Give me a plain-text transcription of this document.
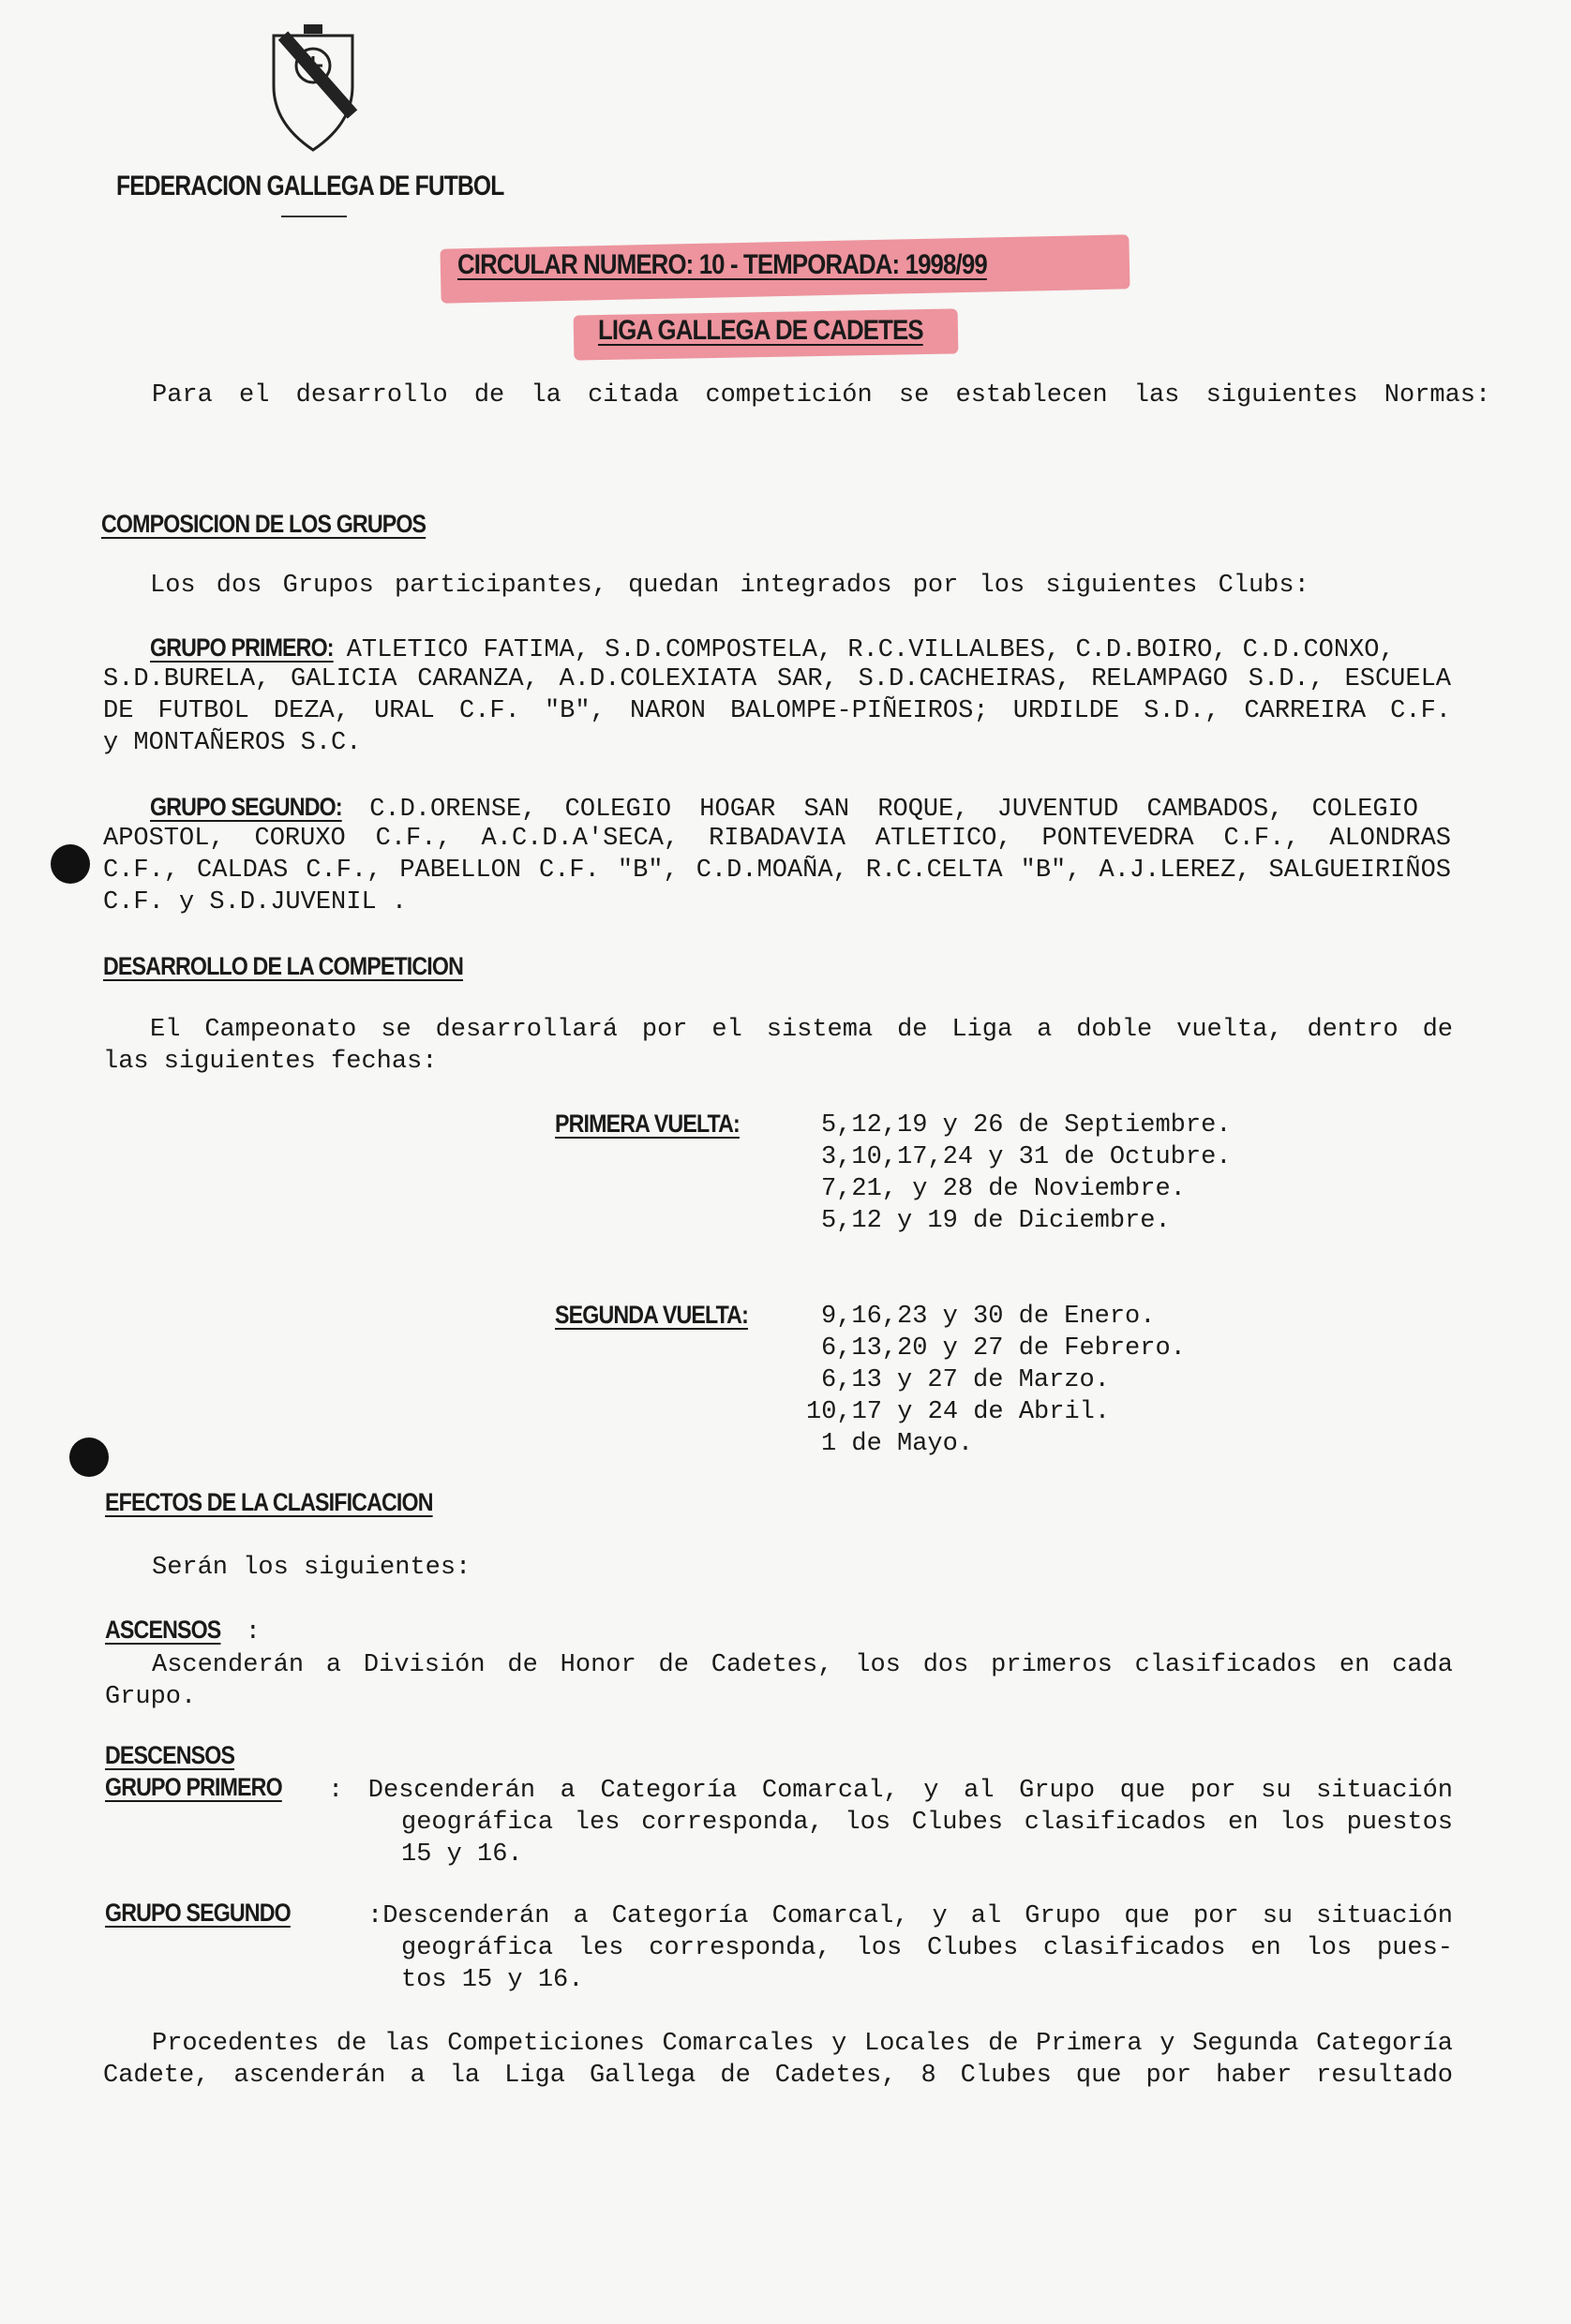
FEDERACION GALLEGA DE FUTBOL
CIRCULAR NUMERO: 10 - TEMPORADA: 1998/99
LIGA GALLEGA DE CADETES
Para el desarrollo de la citada competición se establecen las siguientes Normas:
COMPOSICION DE LOS GRUPOS
Los dos Grupos participantes, quedan integrados por los siguientes Clubs:
GRUPO PRIMERO: ATLETICO FATIMA, S.D.COMPOSTELA, R.C.VILLALBES, C.D.BOIRO, C.D.CONXO,
S.D.BURELA, GALICIA CARANZA, A.D.COLEXIATA SAR, S.D.CACHEIRAS, RELAMPAGO S.D., ESCUELA
DE FUTBOL DEZA, URAL C.F. "B", NARON BALOMPE-PIÑEIROS; URDILDE S.D., CARREIRA C.F.
y MONTAÑEROS S.C.
GRUPO SEGUNDO: C.D.ORENSE, COLEGIO HOGAR SAN ROQUE, JUVENTUD CAMBADOS, COLEGIO
APOSTOL, CORUXO C.F., A.C.D.A'SECA, RIBADAVIA ATLETICO, PONTEVEDRA C.F., ALONDRAS
C.F., CALDAS C.F., PABELLON C.F. "B", C.D.MOAÑA, R.C.CELTA "B", A.J.LEREZ, SALGUEIRIÑOS
C.F. y S.D.JUVENIL .
DESARROLLO DE LA COMPETICION
El Campeonato se desarrollará por el sistema de Liga a doble vuelta, dentro de
las siguientes fechas:
PRIMERA VUELTA:	5,12,19 y 26 de Septiembre.
3,10,17,24 y 31 de Octubre.
7,21, y 28 de Noviembre.
5,12 y 19 de Diciembre.
SEGUNDA VUELTA:	9,16,23 y 30 de Enero.
6,13,20 y 27 de Febrero.
6,13 y 27 de Marzo.
10,17 y 24 de Abril.
1 de Mayo.
EFECTOS DE LA CLASIFICACION
Serán los siguientes:
ASCENSOS :
Ascenderán a División de Honor de Cadetes, los dos primeros clasificados en cada
Grupo.
DESCENSOS
GRUPO PRIMERO : Descenderán a Categoría Comarcal, y al Grupo que por su situación
geográfica les corresponda, los Clubes clasificados en los puestos
15 y 16.
GRUPO SEGUNDO	:Descenderán a Categoría Comarcal, y al Grupo que por su situación
geográfica les corresponda, los Clubes clasificados en los pues-
tos 15 y 16.
Procedentes de las Competiciones Comarcales y Locales de Primera y Segunda Categoría
Cadete, ascenderán a la Liga Gallega de Cadetes, 8 Clubes que por haber resultado
